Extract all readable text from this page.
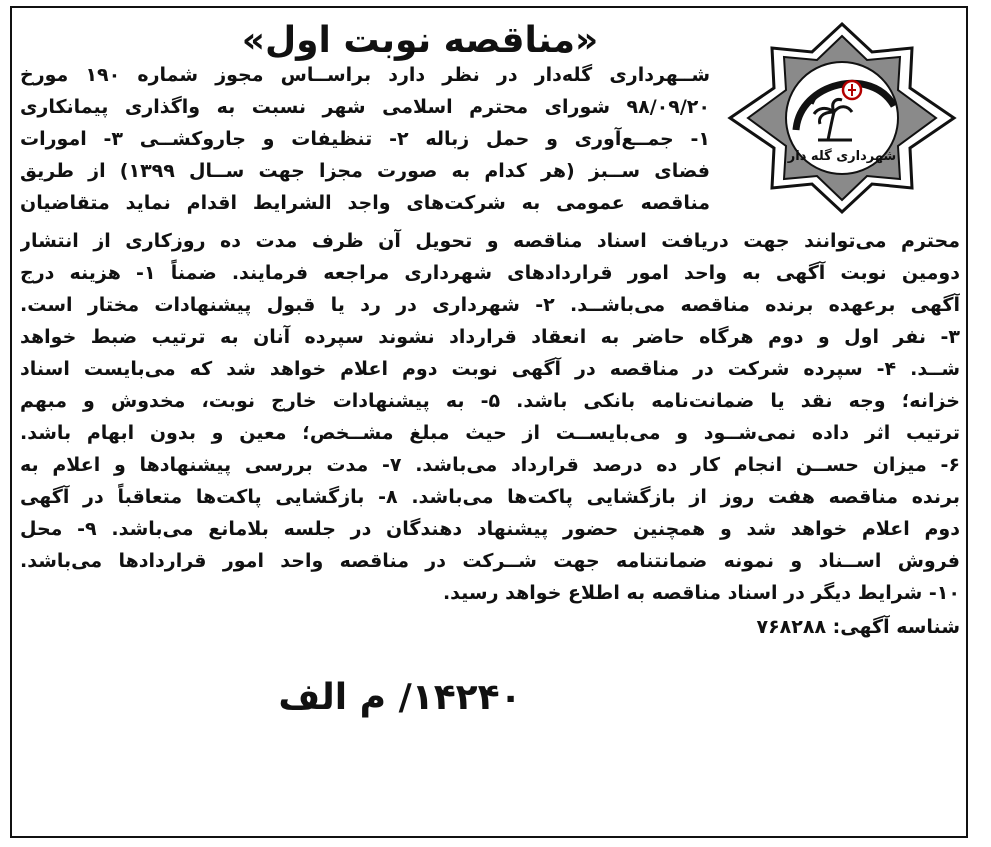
شهرداری گله دار
«مناقصه نوبت اول»
شــهرداری گله‌دار در نظر دارد براســاس مجوز شماره ۱۹۰ مورخ
۹۸/۰۹/۲۰ شورای محترم اسلامی شهر نسبت به واگذاری پیمانکاری
۱- جمــع‌آوری و حمل زباله ۲- تنظیفات و جاروکشــی ۳- امورات
فضای ســبز (هر کدام به صورت مجزا جهت ســال ۱۳۹۹) از طریق
مناقصه عمومی به شرکت‌های واجد الشرایط اقدام نماید متقاضیان
محترم می‌توانند جهت دریافت اسناد مناقصه و تحویل آن ظرف مدت ده روزکاری از انتشار
دومین نوبت آگهی به واحد امور قراردادهای شهرداری مراجعه فرمایند. ضمناً ۱- هزینه درج
آگهی برعهده برنده مناقصه می‌باشــد. ۲- شهرداری در رد یا قبول پیشنهادات مختار است.
۳- نفر اول و دوم هرگاه حاضر به انعقاد قرارداد نشوند سپرده آنان به ترتیب ضبط خواهد
شــد. ۴- سپرده شرکت در مناقصه در آگهی نوبت دوم اعلام خواهد شد که می‌بایست اسناد
خزانه؛ وجه نقد یا ضمانت‌نامه بانکی باشد. ۵- به پیشنهادات خارج نوبت، مخدوش و مبهم
ترتیب اثر داده نمی‌شــود و می‌بایســت از حیث مبلغ مشــخص؛ معین و بدون ابهام باشد.
۶- میزان حســن انجام کار ده درصد قرارداد می‌باشد. ۷- مدت بررسی پیشنهادها و اعلام به
برنده مناقصه هفت روز از بازگشایی پاکت‌ها می‌باشد. ۸- بازگشایی پاکت‌ها متعاقباً در آگهی
دوم اعلام خواهد شد و همچنین حضور پیشنهاد دهندگان در جلسه بلامانع می‌باشد. ۹- محل
فروش اســناد و نمونه ضمانتنامه جهت شــرکت در مناقصه واحد امور قراردادها می‌باشد.
۱۰- شرایط دیگر در اسناد مناقصه به اطلاع خواهد رسید.
شناسه آگهی: ۷۶۸۲۸۸
۱۴۲۴۰/ م الف
